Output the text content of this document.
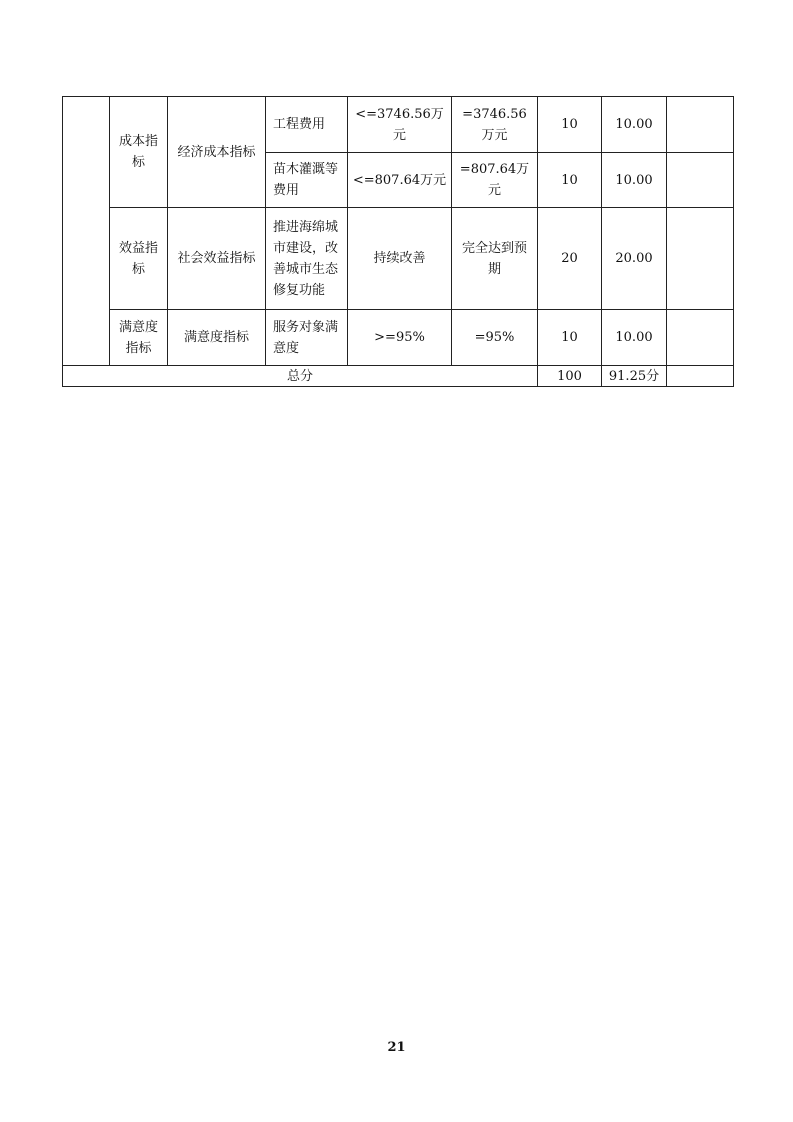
	成本指标	经济成本指标	工程费用	<=3746.56万元	=3746.56万元	10	10.00	
			苗木灌溉等费用	<=807.64万元	=807.64万元	10	10.00	
	效益指标	社会效益指标	推进海绵城市建设，改善城市生态修复功能	持续改善	完全达到预期	20	20.00	
	满意度指标	满意度指标	服务对象满意度	>=95%	=95%	10	10.00	
总分						100	91.25分	
21
